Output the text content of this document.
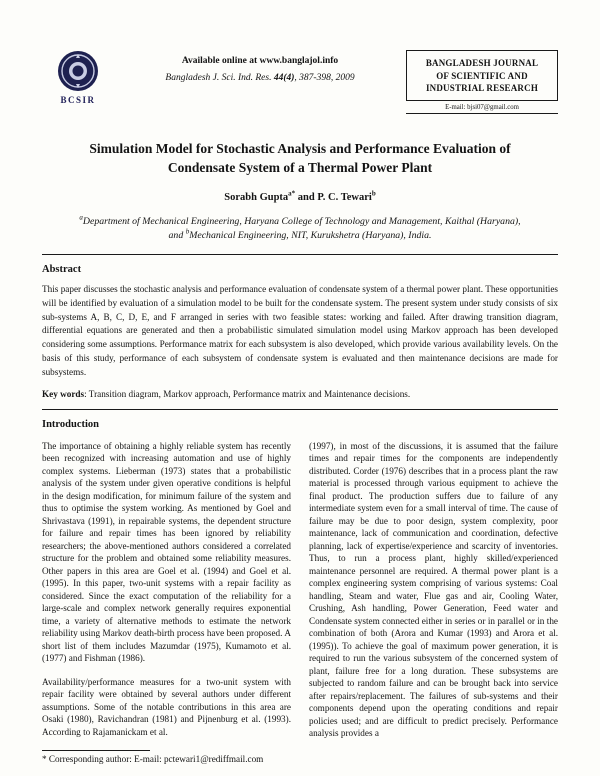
BCSIR
Available online at www.banglajol.info
Bangladesh J. Sci. Ind. Res. 44(4), 387-398, 2009
BANGLADESH JOURNAL
OF SCIENTIFIC AND
INDUSTRIAL RESEARCH
E-mail: bjsi07@gmail.com
Simulation Model for Stochastic Analysis and Performance Evaluation of
Condensate System of a Thermal Power Plant
Sorabh Gupta$^{a*}$ and P. C. Tewari$^b$
$^a$Department of Mechanical Engineering, Haryana College of Technology and Management, Kaithal (Haryana),
and $^b$Mechanical Engineering, NIT, Kurukshetra (Haryana), India.
Abstract
This paper discusses the stochastic analysis and performance evaluation of condensate system of a thermal power plant. These opportunities will be identified by evaluation of a simulation model to be built for the condensate system. The present system under study consists of six sub-systems A, B, C, D, E, and F arranged in series with two feasible states: working and failed. After drawing transition diagram, differential equations are generated and then a probabilistic simulated simulation model using Markov approach has been developed considering some assumptions. Performance matrix for each subsystem is also developed, which provide various availability levels. On the basis of this study, performance of each subsystem of condensate system is evaluated and then maintenance decisions are made for subsystems.
Key words: Transition diagram, Markov approach, Performance matrix and Maintenance decisions.
Introduction

The importance of obtaining a highly reliable system has recently been recognized with increasing automation and use of highly complex systems. Lieberman (1973) states that a probabilistic analysis of the system under given operative conditions is helpful in the design modification, for minimum failure of the system and thus to optimise the system working. As mentioned by Goel and Shrivastava (1991), in repairable systems, the dependent structure for failure and repair times has been ignored by reliability researchers; the above-mentioned authors considered a correlated structure for the problem and obtained some reliability measures. Other papers in this area are Goel et al. (1994) and Goel et al. (1995). In this paper, two-unit systems with a repair facility as considered. Since the exact computation of the reliability for a large-scale and complex network generally requires exponential time, a variety of alternative methods to estimate the network reliability using Markov death-birth process have been proposed. A short list of them includes Mazumdar (1975), Kumamoto et al. (1977) and Fishman (1986).

Availability/performance measures for a two-unit system with repair facility were obtained by several authors under different assumptions. Some of the notable contributions in this area are Osaki (1980), Ravichandran (1981) and Pijnenburg et al. (1993). According to Rajamanickam et al.

(1997), in most of the discussions, it is assumed that the failure times and repair times for the components are independently distributed. Corder (1976) describes that in a process plant the raw material is processed through various equipment to achieve the final product. The production suffers due to failure of any intermediate system even for a small interval of time. The cause of failure may be due to poor design, system complexity, poor maintenance, lack of communication and coordination, defective planning, lack of expertise/experience and scarcity of inventories. Thus, to run a process plant, highly skilled/experienced maintenance personnel are required. A thermal power plant is a complex engineering system comprising of various systems: Coal handling, Steam and water, Flue gas and air, Cooling Water, Crushing, Ash handling, Power Generation, Feed water and Condensate system connected either in series or in parallel or in the combination of both (Arora and Kumar (1993) and Arora et al. (1995)). To achieve the goal of maximum power generation, it is required to run the various subsystem of the concerned system of plant, failure free for a long duration. These subsystems are subjected to random failure and can be brought back into service after repairs/replacement. The failures of sub-systems and their components depend upon the operating conditions and repair policies used; and are difficult to predict precisely. Performance analysis provides a

* Corresponding author: E-mail: pctewari1@rediffmail.com
